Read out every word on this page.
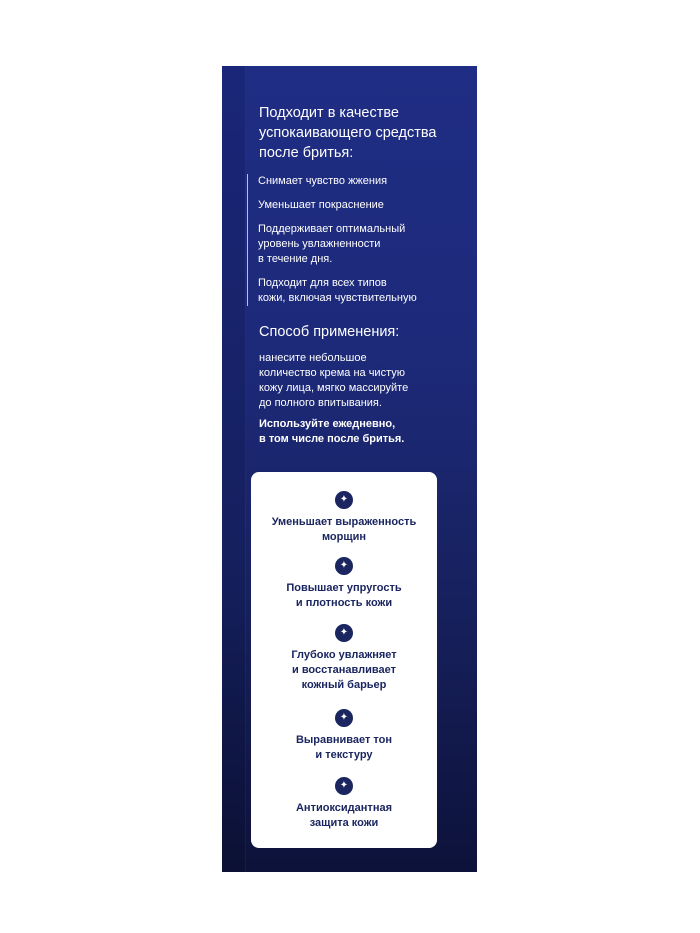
Подходит в качестве
успокаивающего средства
после бритья:

Снимает чувство жжения
Уменьшает покраснение
Поддерживает оптимальный
уровень увлажненности
в течение дня.
Подходит для всех типов
кожи, включая чувствительную

Способ применения:

нанесите небольшое
количество крема на чистую
кожу лица, мягко массируйте
до полного впитывания.

Используйте ежедневно,
в том числе после бритья.

✦
Уменьшает выраженность
морщин
✦
Повышает упругость
и плотность кожи
✦
Глубоко увлажняет
и восстанавливает
кожный барьер
✦
Выравнивает тон
и текстуру
✦
Антиоксидантная
защита кожи
